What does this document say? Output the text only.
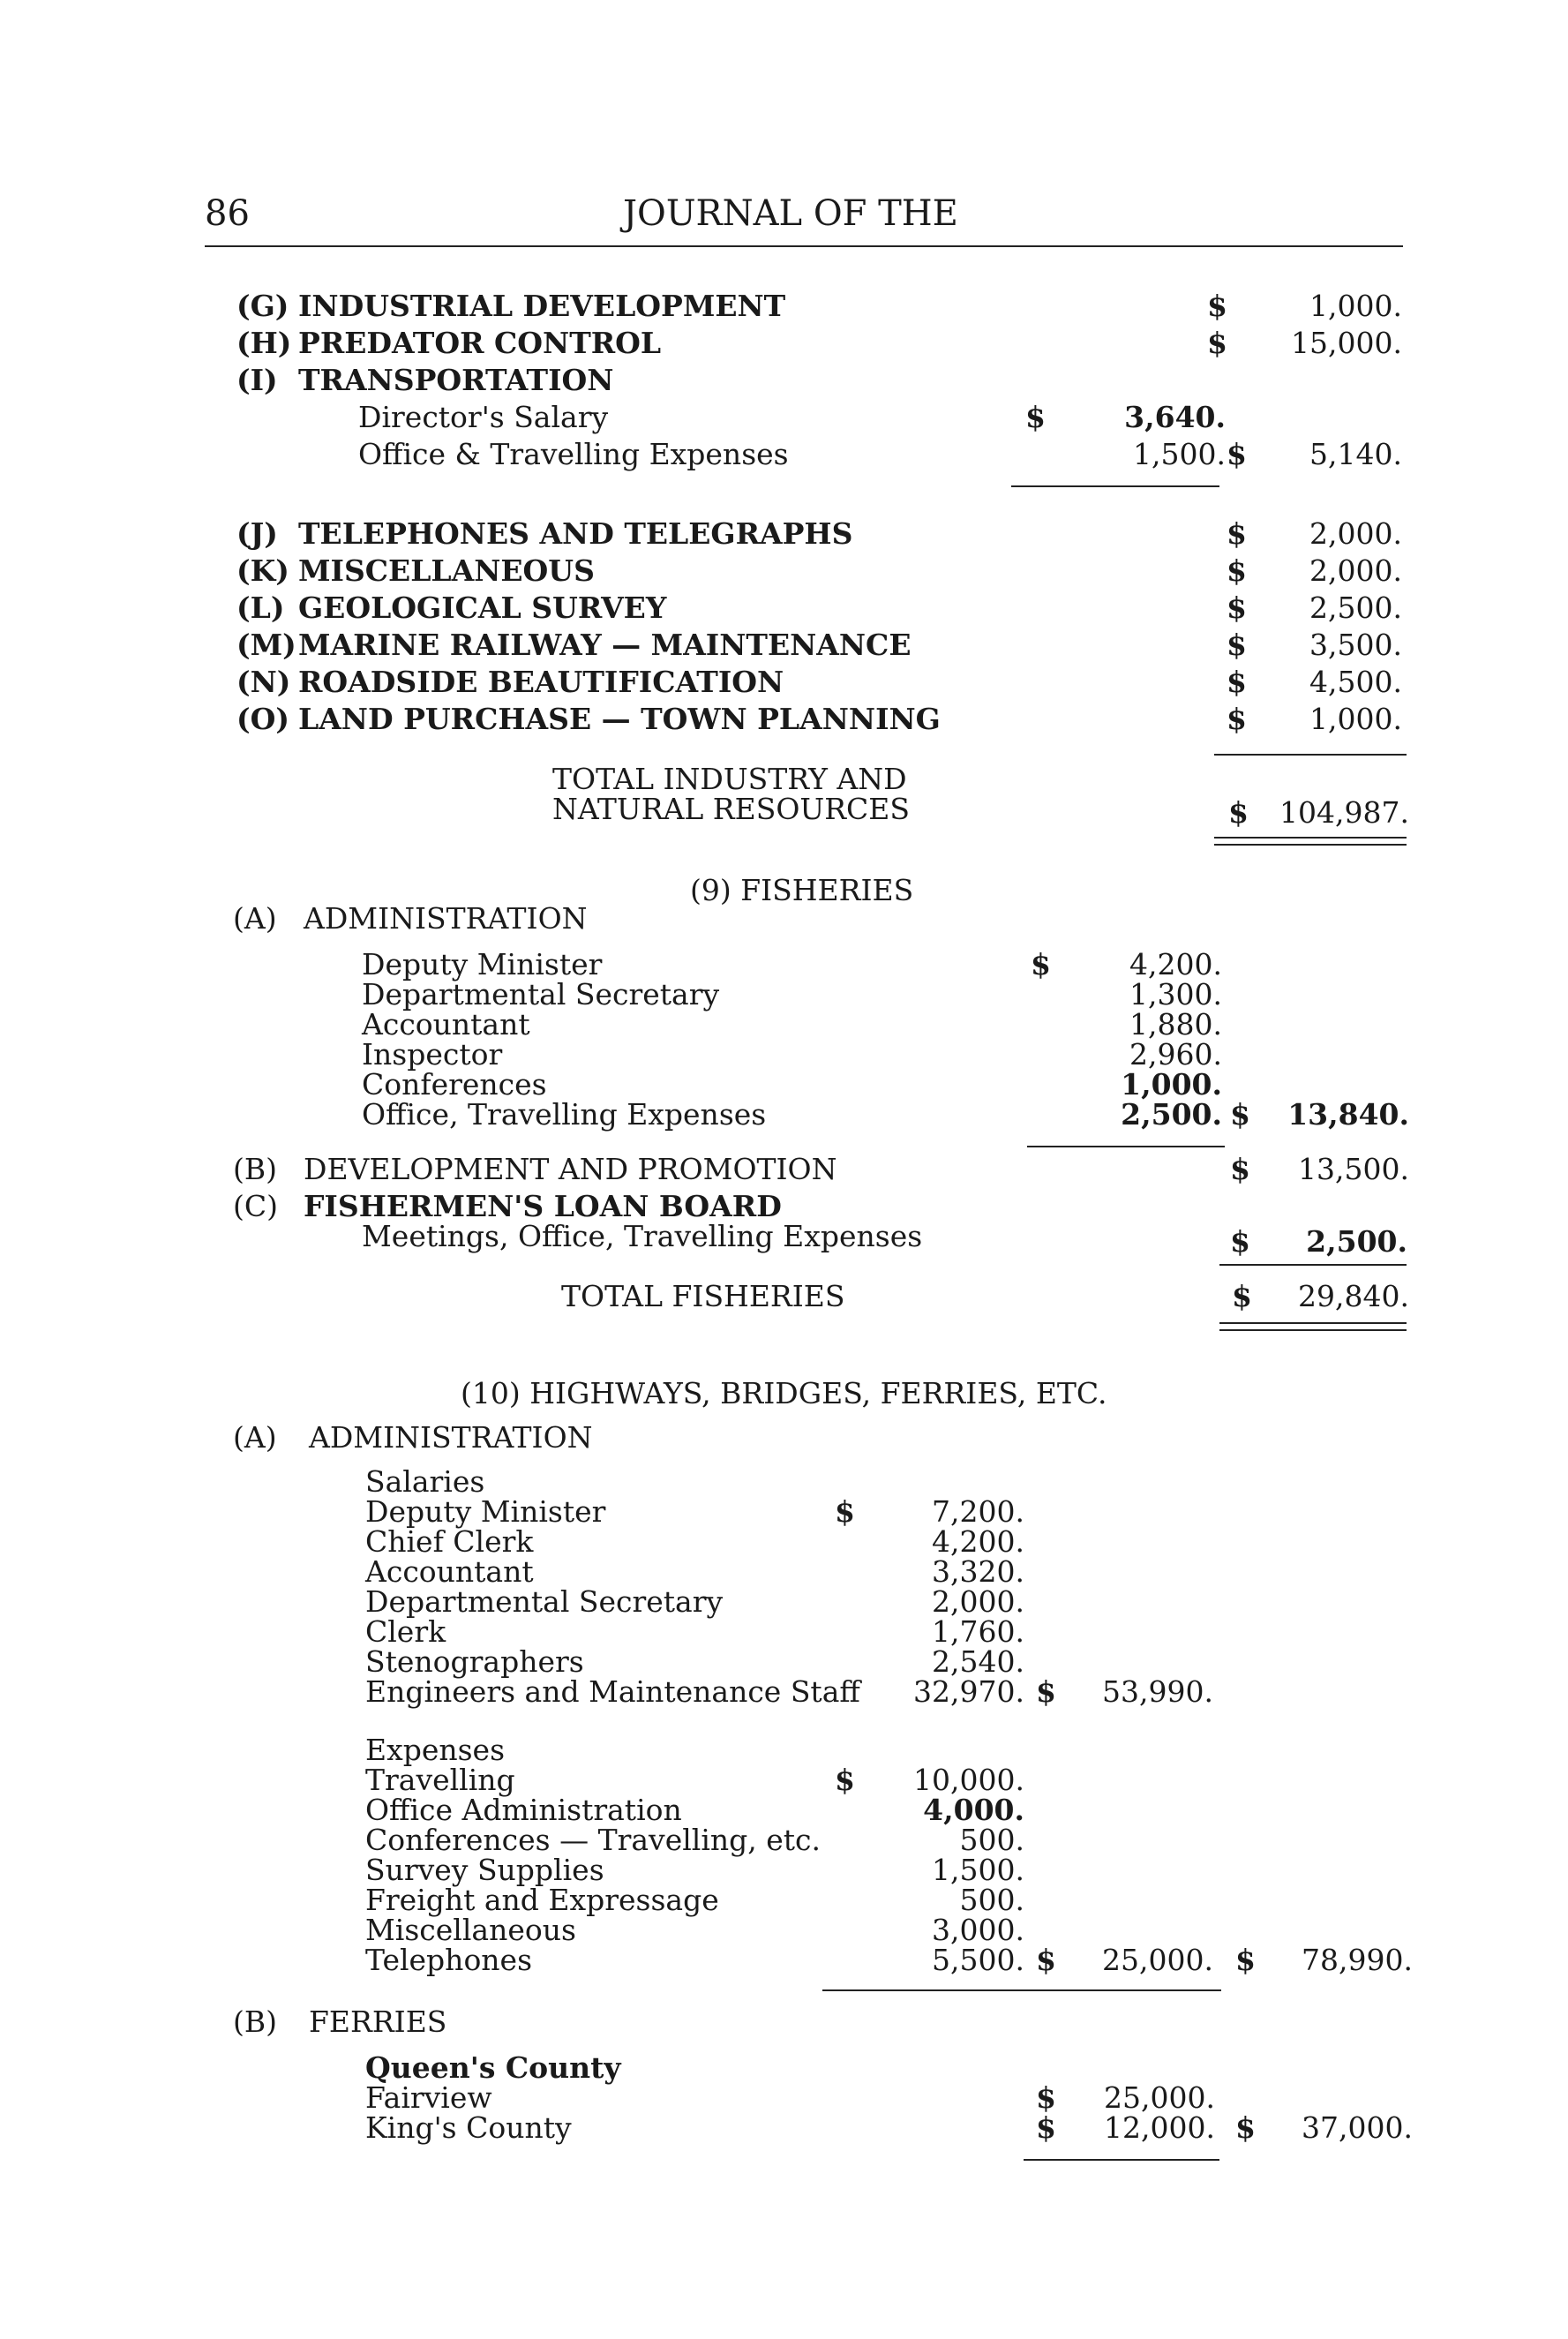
86	JOURNAL OF THE
(G) INDUSTRIAL DEVELOPMENT	$	1,000.
(H) PREDATOR CONTROL	$ 15,000.
(I) TRANSPORTATION
Director's Salary	$	3,640.
Office & Travelling Expenses	1,500. $ 5,140.
(J) TELEPHONES AND TELEGRAPHS	$ 2,000.
(K) MISCELLANEOUS	$ 2,000.
(L) GEOLOGICAL SURVEY	$ 2,500.
(M) MARINE RAILWAY — MAINTENANCE	$ 3,500.
(N) ROADSIDE BEAUTIFICATION	$ 4,500.
(O) LAND PURCHASE — TOWN PLANNING	$ 1,000.
TOTAL INDUSTRY AND
NATURAL RESOURCES	$ 104,987.
(9) FISHERIES
(A) ADMINISTRATION
Deputy Minister	$	4,200.
Departmental Secretary	1,300.
Accountant	1,880.
Inspector	2,960.
Conferences	1,000.
Office, Travelling Expenses	2,500. $ 13,840.
(B) DEVELOPMENT AND PROMOTION	$ 13,500.
(C) FISHERMEN'S LOAN BOARD
Meetings, Office, Travelling Expenses	$ 2,500.
TOTAL FISHERIES	$ 29,840.
(10) HIGHWAYS, BRIDGES, FERRIES, ETC.
(A) ADMINISTRATION
Salaries
Deputy Minister	$	7,200.
Chief Clerk	4,200.
Accountant	3,320.
Departmental Secretary	2,000.
Clerk	1,760.
Stenographers	2,540.
Engineers and Maintenance Staff 32,970. $ 53,990.
Expenses
Travelling	$ 10,000.
Office Administration	4,000.
Conferences — Travelling, etc.	500.
Survey Supplies	1,500.
Freight and Expressage	500.
Miscellaneous	3,000.
Telephones	5,500. $ 25,000. $ 78,990.
(B) FERRIES
Queen's County
Fairview	$ 25,000.
King's County	$ 12,000. $ 37,000.
